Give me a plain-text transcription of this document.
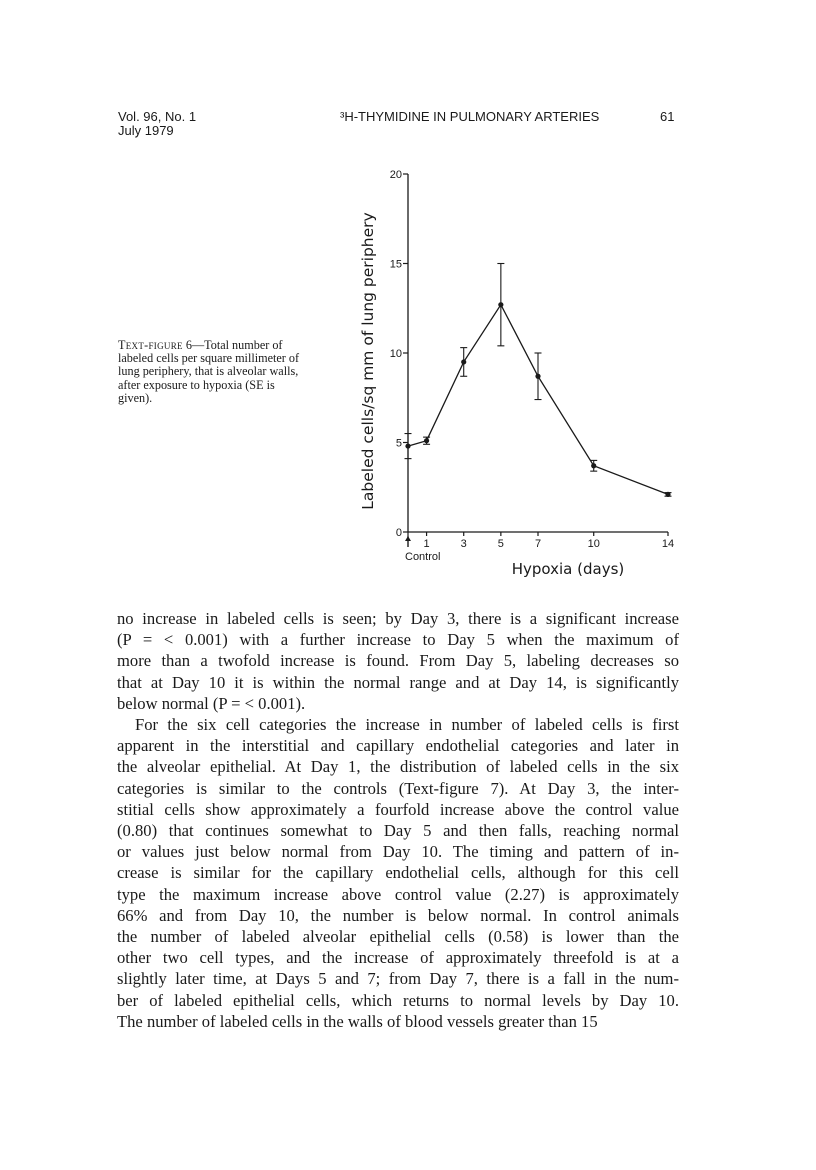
Vol. 96, No. 1
July 1979
³H-THYMIDINE IN PULMONARY ARTERIES	61
Text-figure 6—Total number of labeled cells per square millimeter of lung periphery, that is alveolar walls, after exposure to hypoxia (SE is given).
0
5
10
15
20
1	3	5	7	10	14
Control
Hypoxia (days)
Labeled cells/sq mm of lung periphery

no increase in labeled cells is seen; by Day 3, there is a significant increase

(P = < 0.001) with a further increase to Day 5 when the maximum of

more than a twofold increase is found. From Day 5, labeling decreases so

that at Day 10 it is within the normal range and at Day 14, is significantly

below normal (P = < 0.001).

For the six cell categories the increase in number of labeled cells is first

apparent in the interstitial and capillary endothelial categories and later in

the alveolar epithelial. At Day 1, the distribution of labeled cells in the six

categories is similar to the controls (Text-figure 7). At Day 3, the inter-

stitial cells show approximately a fourfold increase above the control value

(0.80) that continues somewhat to Day 5 and then falls, reaching normal

or values just below normal from Day 10. The timing and pattern of in-

crease is similar for the capillary endothelial cells, although for this cell

type the maximum increase above control value (2.27) is approximately

66% and from Day 10, the number is below normal. In control animals

the number of labeled alveolar epithelial cells (0.58) is lower than the

other two cell types, and the increase of approximately threefold is at a

slightly later time, at Days 5 and 7; from Day 7, there is a fall in the num-

ber of labeled epithelial cells, which returns to normal levels by Day 10.

The number of labeled cells in the walls of blood vessels greater than 15
